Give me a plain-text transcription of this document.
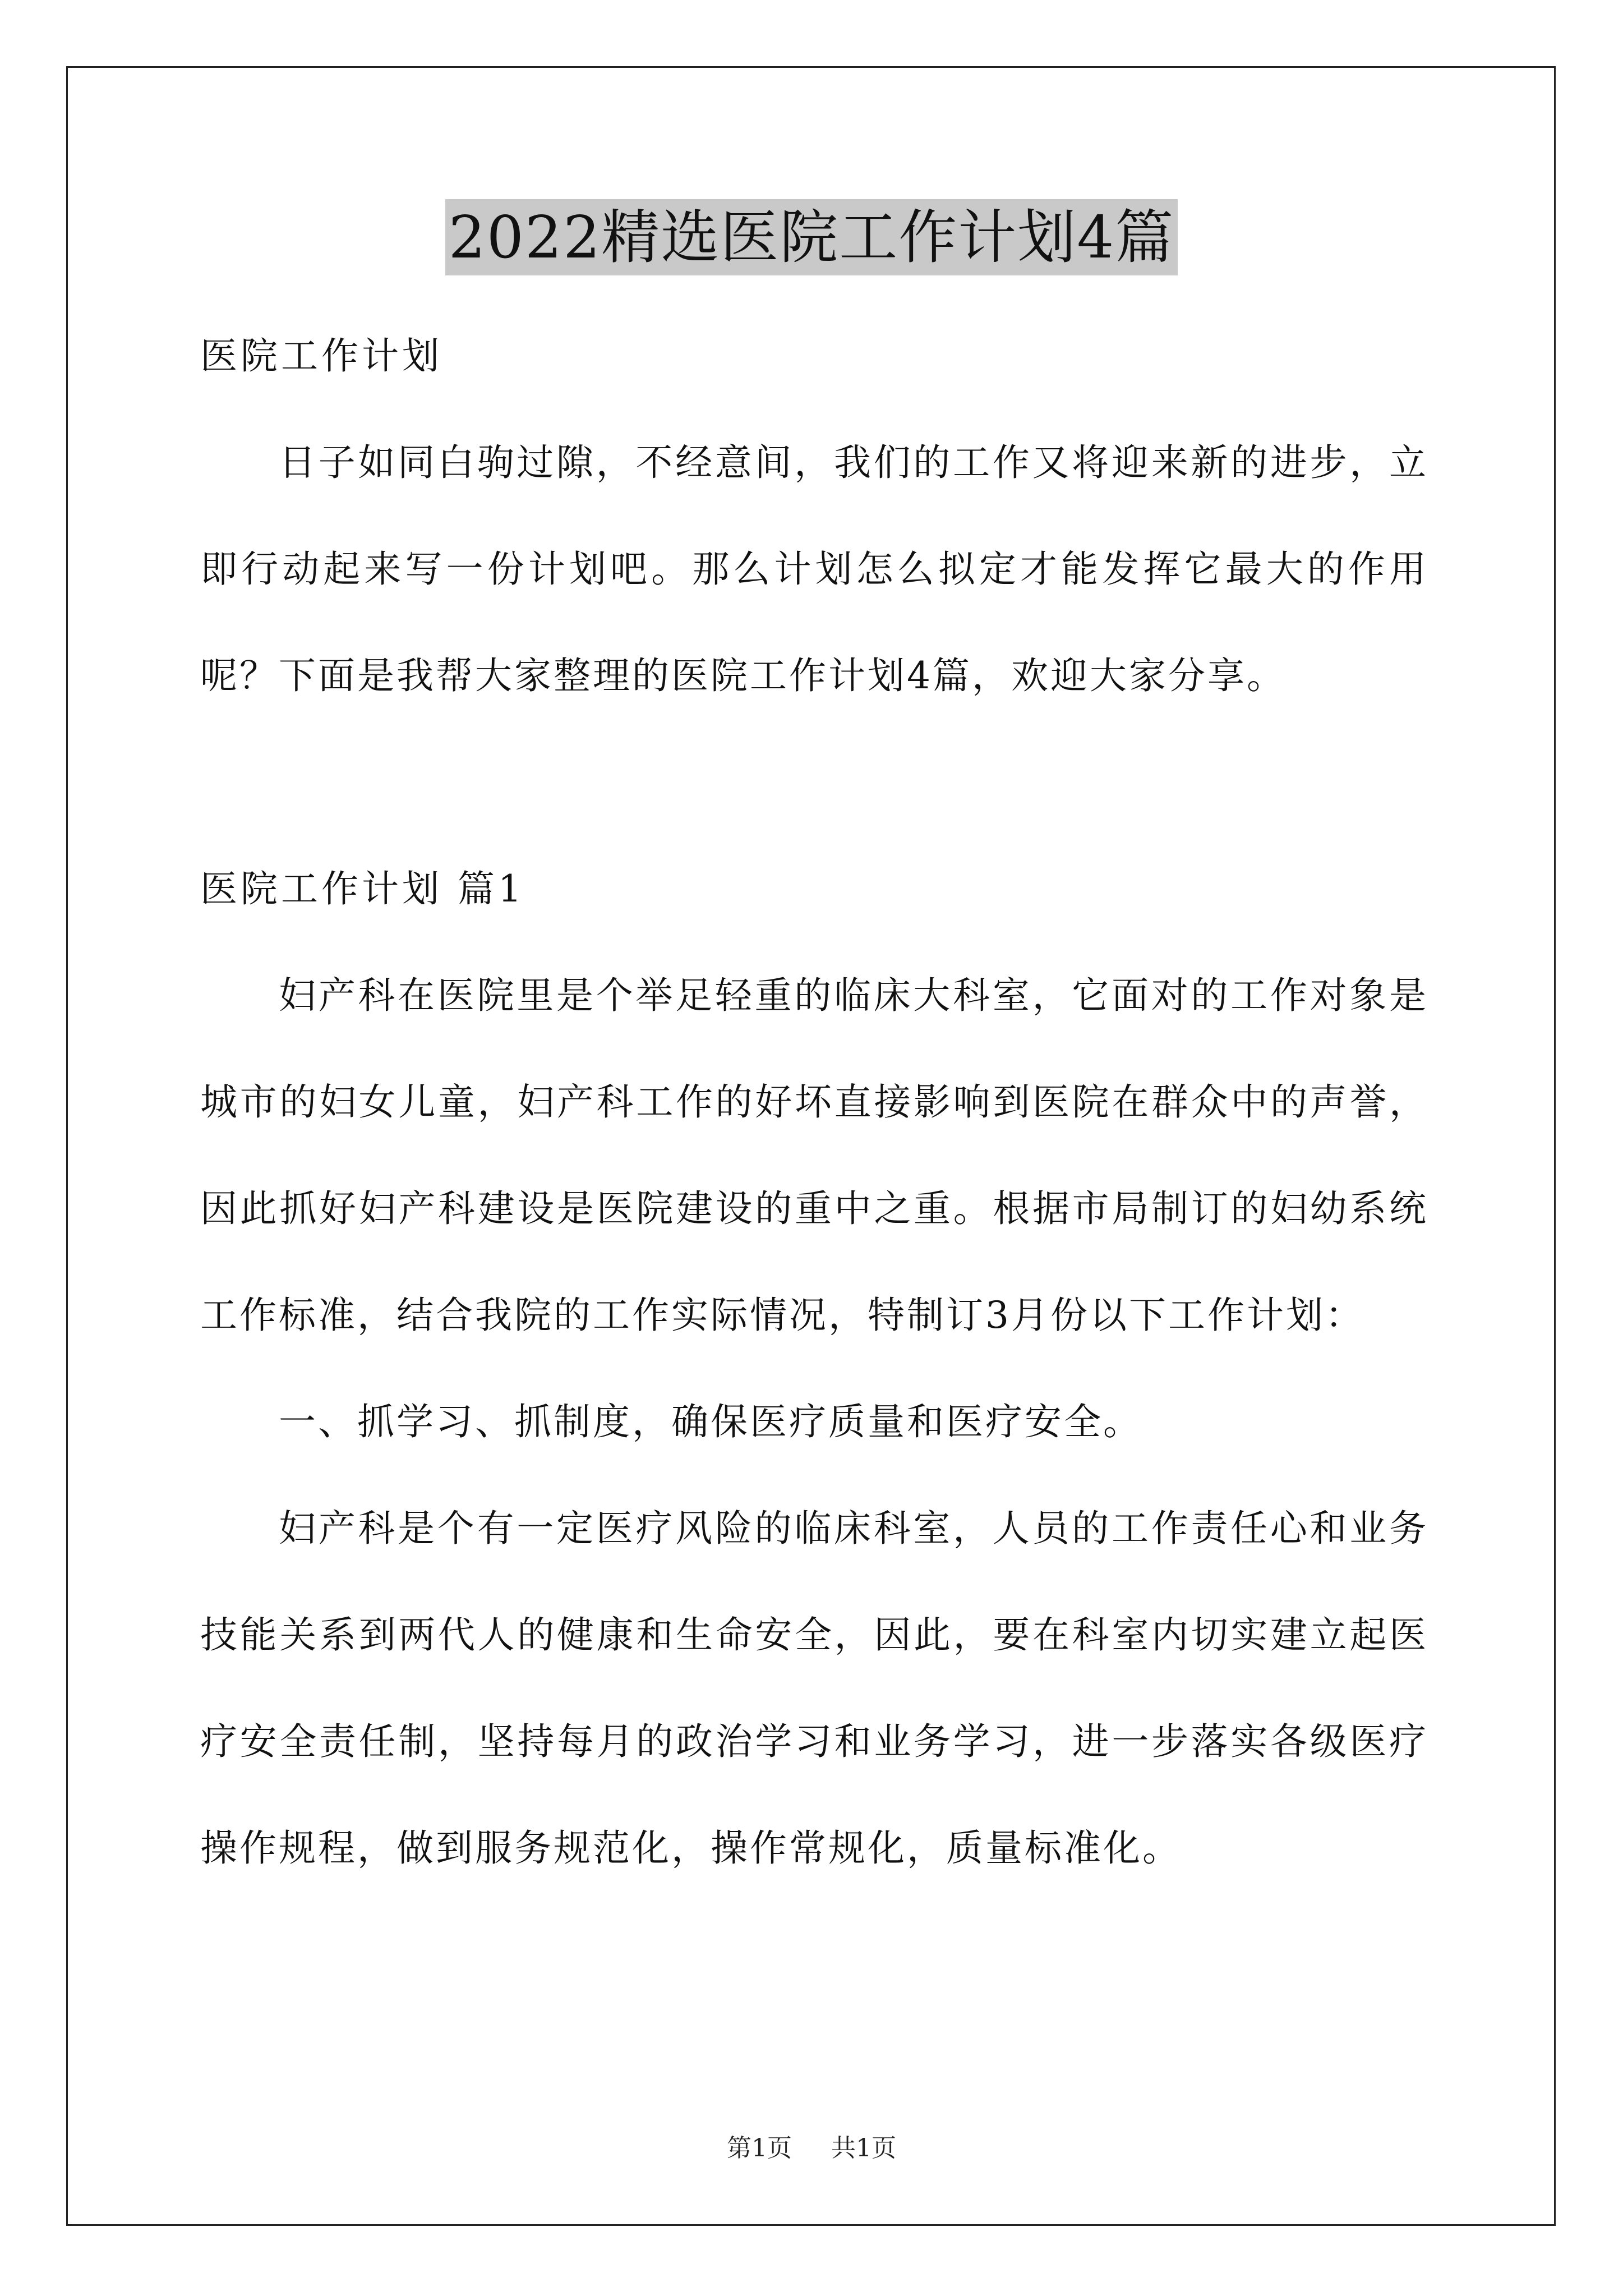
2022精选医院工作计划4篇

医院工作计划

日子如同白驹过隙，不经意间，我们的工作又将迎来新的进步，立即行动起来写一份计划吧。那么计划怎么拟定才能发挥它最大的作用呢？下面是我帮大家整理的医院工作计划4篇，欢迎大家分享。

医院工作计划 篇1

妇产科在医院里是个举足轻重的临床大科室，它面对的工作对象是城市的妇女儿童，妇产科工作的好坏直接影响到医院在群众中的声誉，因此抓好妇产科建设是医院建设的重中之重。根据市局制订的妇幼系统工作标准，结合我院的工作实际情况，特制订3月份以下工作计划：

一、抓学习、抓制度，确保医疗质量和医疗安全。

妇产科是个有一定医疗风险的临床科室，人员的工作责任心和业务技能关系到两代人的健康和生命安全，因此，要在科室内切实建立起医疗安全责任制，坚持每月的政治学习和业务学习，进一步落实各级医疗操作规程，做到服务规范化，操作常规化，质量标准化。

第1页 共1页
